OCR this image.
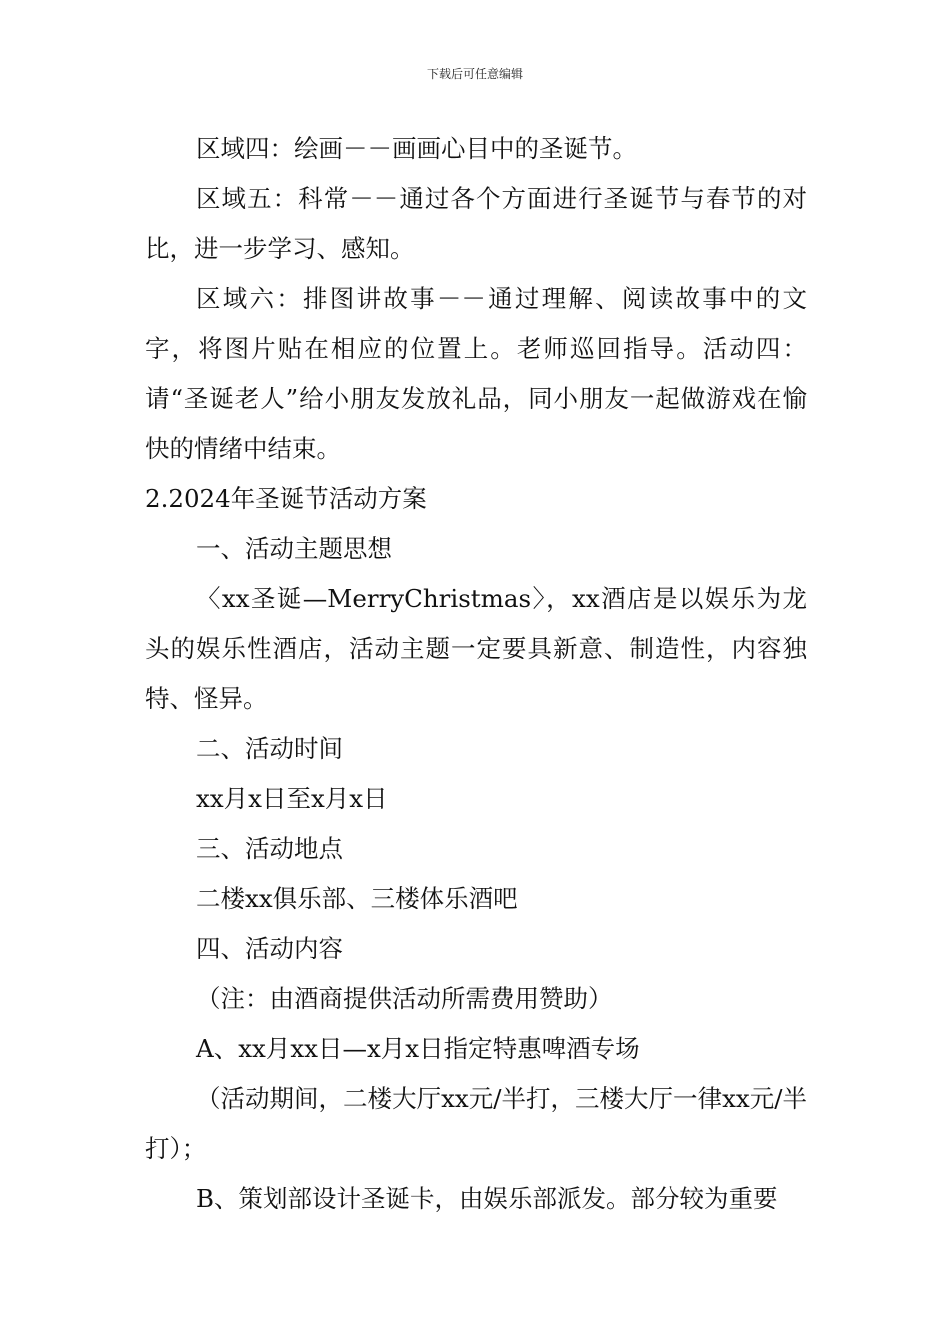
下载后可任意编辑

区域四：绘画－－画画心目中的圣诞节。

区域五：科常－－通过各个方面进行圣诞节与春节的对比，进一步学习、感知。

区域六：排图讲故事－－通过理解、阅读故事中的文字，将图片贴在相应的位置上。老师巡回指导。活动四：请“圣诞老人”给小朋友发放礼品，同小朋友一起做游戏在愉快的情绪中结束。

2.2024年圣诞节活动方案

一、活动主题思想

〈xx圣诞—MerryChristmas〉，xx酒店是以娱乐为龙头的娱乐性酒店，活动主题一定要具新意、制造性，内容独特、怪异。

二、活动时间

xx月x日至x月x日

三、活动地点

二楼xx俱乐部、三楼体乐酒吧

四、活动内容

（注：由酒商提供活动所需费用赞助）

A、xx月xx日—x月x日指定特惠啤酒专场

（活动期间，二楼大厅xx元/半打，三楼大厅一律xx元/半打）；

B、策划部设计圣诞卡，由娱乐部派发。部分较为重要
